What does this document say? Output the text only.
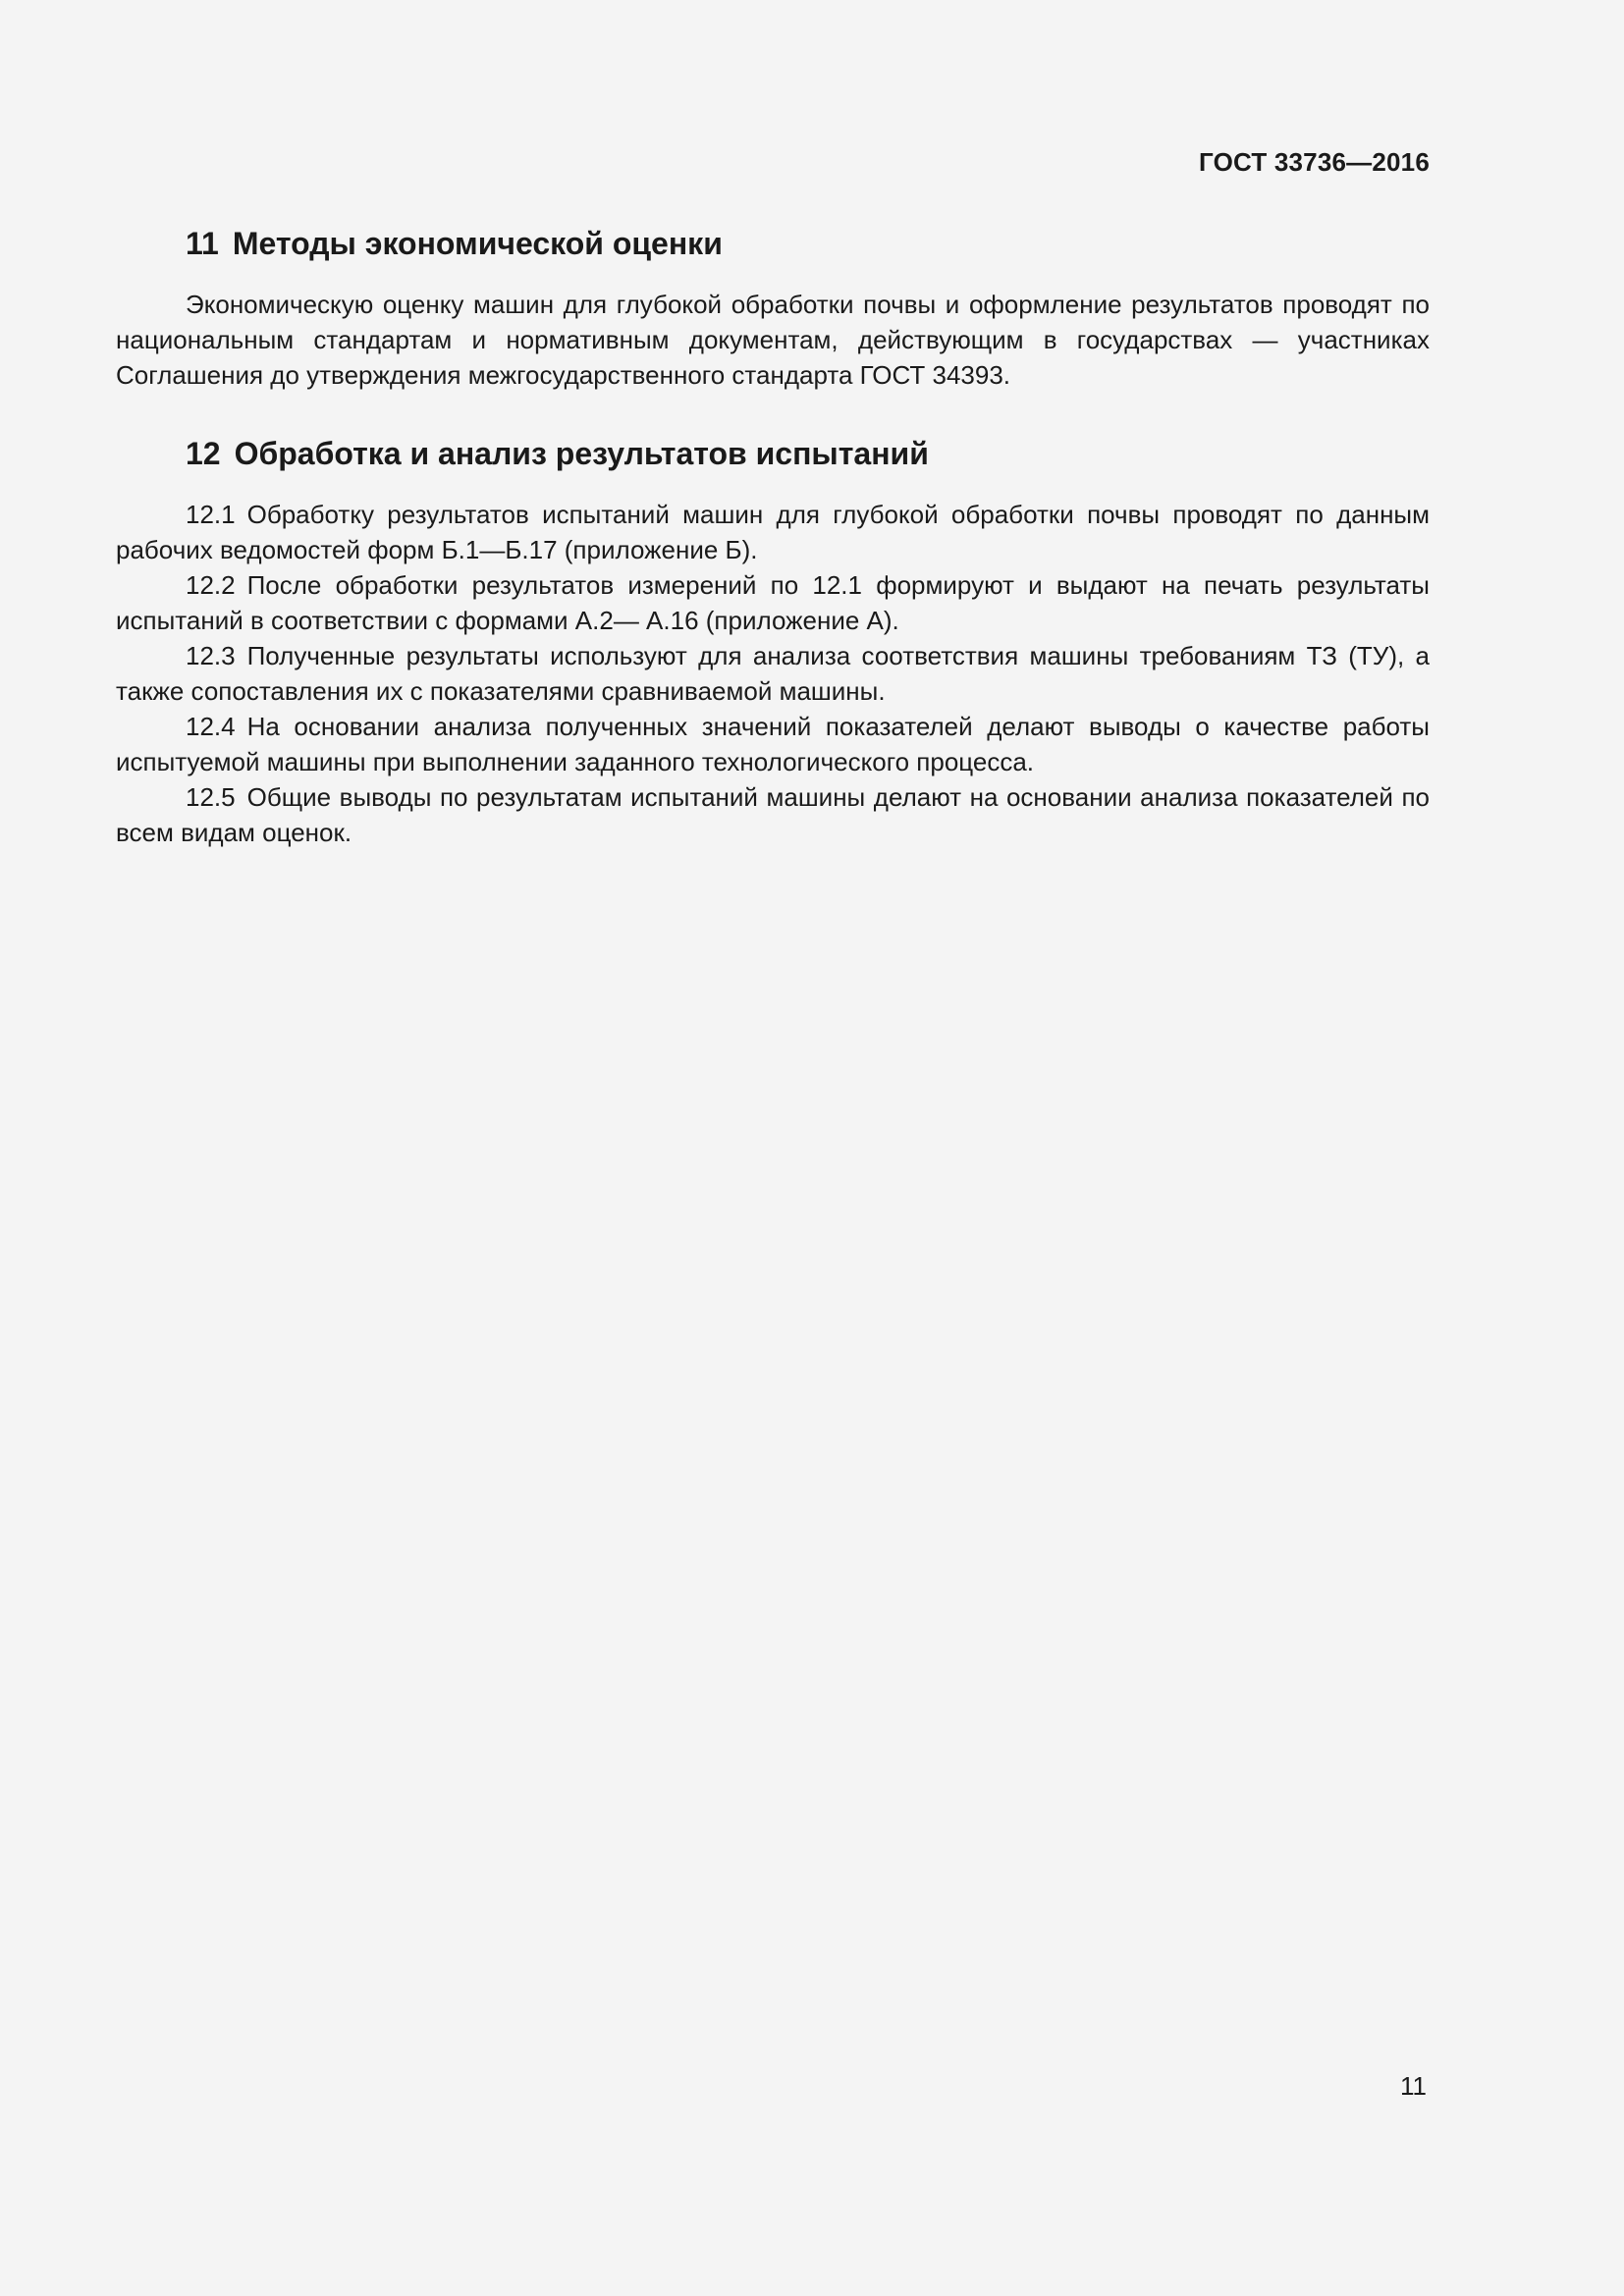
ГОСТ 33736—2016
11 Методы экономической оценки

Экономическую оценку машин для глубокой обработки почвы и оформление результатов проводят по национальным стандартам и нормативным документам, действующим в государствах — участниках Соглашения до утверждения межгосударственного стандарта ГОСТ 34393.

12 Обработка и анализ результатов испытаний

12.1 Обработку результатов испытаний машин для глубокой обработки почвы проводят по данным рабочих ведомостей форм Б.1—Б.17 (приложение Б).

12.2 После обработки результатов измерений по 12.1 формируют и выдают на печать результаты испытаний в соответствии с формами А.2— А.16 (приложение А).

12.3 Полученные результаты используют для анализа соответствия машины требованиям ТЗ (ТУ), а также сопоставления их с показателями сравниваемой машины.

12.4 На основании анализа полученных значений показателей делают выводы о качестве работы испытуемой машины при выполнении заданного технологического процесса.

12.5 Общие выводы по результатам испытаний машины делают на основании анализа показателей по всем видам оценок.

11
